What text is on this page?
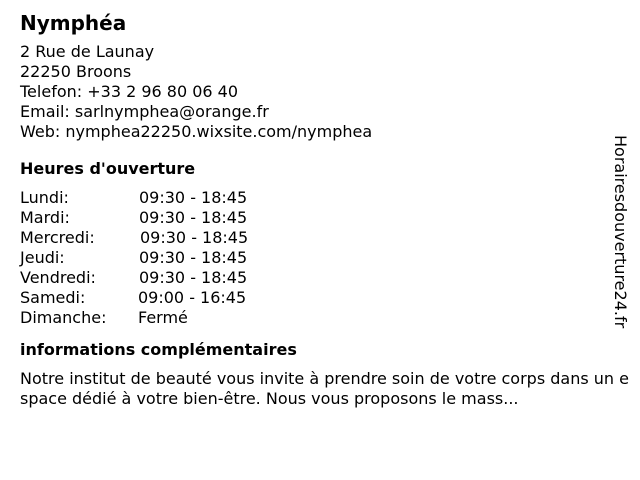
Nymphéa
2 Rue de Launay
22250 Broons
Telefon: +33 2 96 80 06 40
Email: sarlnymphea@orange.fr
Web: nymphea22250.wixsite.com/nymphea
Heures d'ouverture
Lundi:	09:30 - 18:45
Mardi:	09:30 - 18:45
Mercredi:	09:30 - 18:45
Jeudi:	09:30 - 18:45
Vendredi:	09:30 - 18:45
Samedi:	09:00 - 16:45
Dimanche:	Fermé
informations complémentaires
Notre institut de beauté vous invite à prendre soin de votre corps dans un espace dédié à votre bien-être. Nous vous proposons le mass...
Horairesdouverture24.fr
